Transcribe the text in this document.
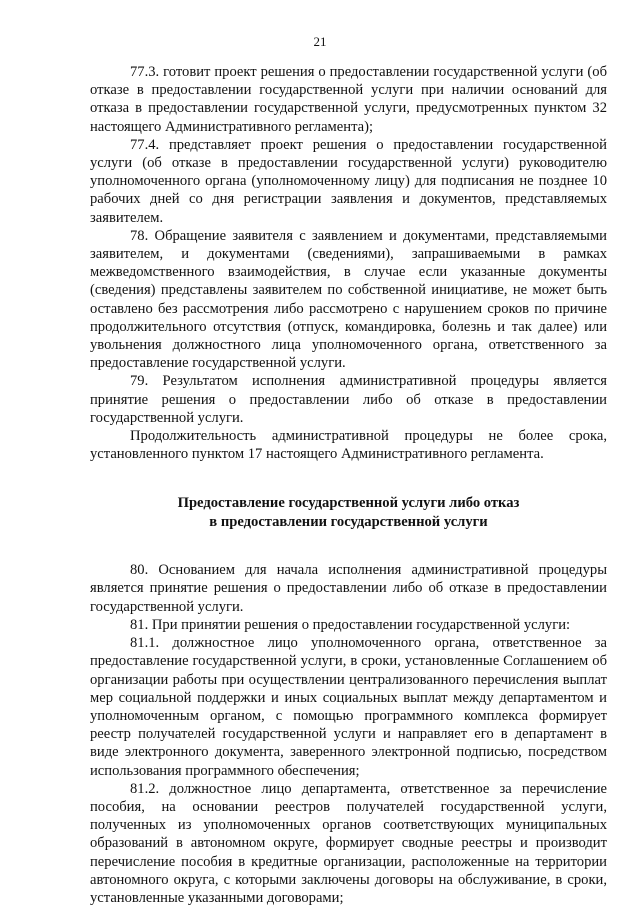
21

77.3. готовит проект решения о предоставлении государственной услуги (об отказе в предоставлении государственной услуги при наличии оснований для отказа в предоставлении государственной услуги, предусмотренных пунктом 32 настоящего Административного регламента);

77.4. представляет проект решения о предоставлении государственной услуги (об отказе в предоставлении государственной услуги) руководителю уполномоченного органа (уполномоченному лицу) для подписания не позднее 10 рабочих дней со дня регистрации заявления и документов, представляемых заявителем.

78. Обращение заявителя с заявлением и документами, представляемыми заявителем, и документами (сведениями), запрашиваемыми в рамках межведомственного взаимодействия, в случае если указанные документы (сведения) представлены заявителем по собственной инициативе, не может быть оставлено без рассмотрения либо рассмотрено с нарушением сроков по причине продолжительного отсутствия (отпуск, командировка, болезнь и так далее) или увольнения должностного лица уполномоченного органа, ответственного за предоставление государственной услуги.

79. Результатом исполнения административной процедуры является принятие решения о предоставлении либо об отказе в предоставлении государственной услуги.

Продолжительность административной процедуры не более срока, установленного пунктом 17 настоящего Административного регламента.

Предоставление государственной услуги либо отказ
в предоставлении государственной услуги

80. Основанием для начала исполнения административной процедуры является принятие решения о предоставлении либо об отказе в предоставлении государственной услуги.

81. При принятии решения о предоставлении государственной услуги:

81.1. должностное лицо уполномоченного органа, ответственное за предоставление государственной услуги, в сроки, установленные Соглашением об организации работы при осуществлении централизованного перечисления выплат мер социальной поддержки и иных социальных выплат между департаментом и уполномоченным органом, с помощью программного комплекса формирует реестр получателей государственной услуги и направляет его в департамент в виде электронного документа, заверенного электронной подписью, посредством использования программного обеспечения;

81.2. должностное лицо департамента, ответственное за перечисление пособия, на основании реестров получателей государственной услуги, полученных из уполномоченных органов соответствующих муниципальных образований в автономном округе, формирует сводные реестры и производит перечисление пособия в кредитные организации, расположенные на территории автономного округа, с которыми заключены договоры на обслуживание, в сроки, установленные указанными договорами;
